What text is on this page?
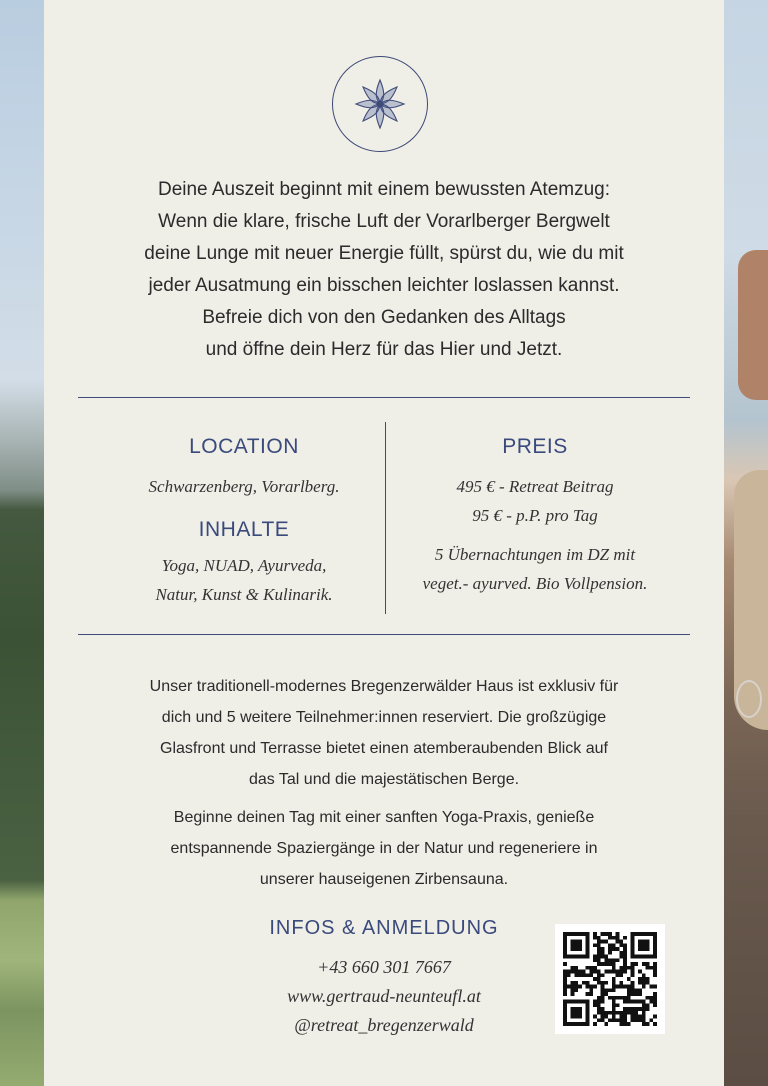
Deine Auszeit beginnt mit einem bewussten Atemzug:

Wenn die klare, frische Luft der Vorarlberger Bergwelt

deine Lunge mit neuer Energie füllt, spürst du, wie du mit

jeder Ausatmung ein bisschen leichter loslassen kannst.

Befreie dich von den Gedanken des Alltags

und öffne dein Herz für das Hier und Jetzt.

LOCATION

Schwarzenberg, Vorarlberg.

INHALTE

Yoga, NUAD, Ayurveda,

Natur, Kunst & Kulinarik.

PREIS

495 € - Retreat Beitrag

95 € - p.P. pro Tag

5 Übernachtungen im DZ mit

veget.- ayurved. Bio Vollpension.

Unser traditionell-modernes Bregenzerwälder Haus ist exklusiv für

dich und 5 weitere Teilnehmer:innen reserviert. Die großzügige

Glasfront und Terrasse bietet einen atemberaubenden Blick auf

das Tal und die majestätischen Berge.

Beginne deinen Tag mit einer sanften Yoga-Praxis, genieße

entspannende Spaziergänge in der Natur und regeneriere in

unserer hauseigenen Zirbensauna.

INFOS & ANMELDUNG

+43 660 301 7667

www.gertraud-neunteufl.at

@retreat_bregenzerwald
